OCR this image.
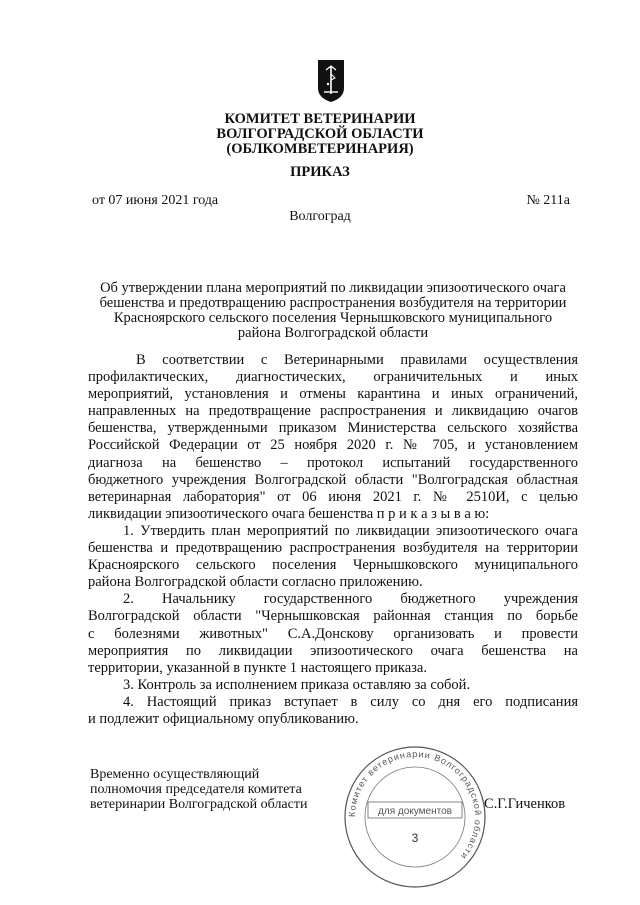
КОМИТЕТ ВЕТЕРИНАРИИ
ВОЛГОГРАДСКОЙ ОБЛАСТИ
(ОБЛКОМВЕТЕРИНАРИЯ)
ПРИКАЗ
от 07 июня 2021 года	№ 211а
Волгоград
Об утверждении плана мероприятий по ликвидации эпизоотического очага
бешенства и предотвращению распространения возбудителя на территории
Красноярского сельского поселения Чернышковского муниципального
района Волгоградской области
В соответствии с Ветеринарными правилами осуществления
профилактических, диагностических, ограничительных и иных
мероприятий, установления и отмены карантина и иных ограничений,
направленных на предотвращение распространения и ликвидацию очагов
бешенства, утвержденными приказом Министерства сельского хозяйства
Российской Федерации от 25 ноября 2020 г. № 705, и установлением
диагноза на бешенство – протокол испытаний государственного
бюджетного учреждения Волгоградской области "Волгоградская областная
ветеринарная лаборатория" от 06 июня 2021 г. № 2510И, с целью
ликвидации эпизоотического очага бешенства п р и к а з ы в а ю:
1. Утвердить план мероприятий по ликвидации эпизоотического очага
бешенства и предотвращению распространения возбудителя на территории
Красноярского сельского поселения Чернышковского муниципального
района Волгоградской области согласно приложению.
2. Начальнику государственного бюджетного учреждения
Волгоградской области "Чернышковская районная станция по борьбе
с болезнями животных" С.А.Донскову организовать и провести
мероприятия по ликвидации эпизоотического очага бешенства на
территории, указанной в пункте 1 настоящего приказа.
3. Контроль за исполнением приказа оставляю за собой.
4. Настоящий приказ вступает в силу со дня его подписания
и подлежит официальному опубликованию.
Временно осуществляющий
полномочия председателя комитета
ветеринарии Волгоградской области
Комитет ветеринарии Волгоградской области
для документов
3
С.Г.Гиченков
